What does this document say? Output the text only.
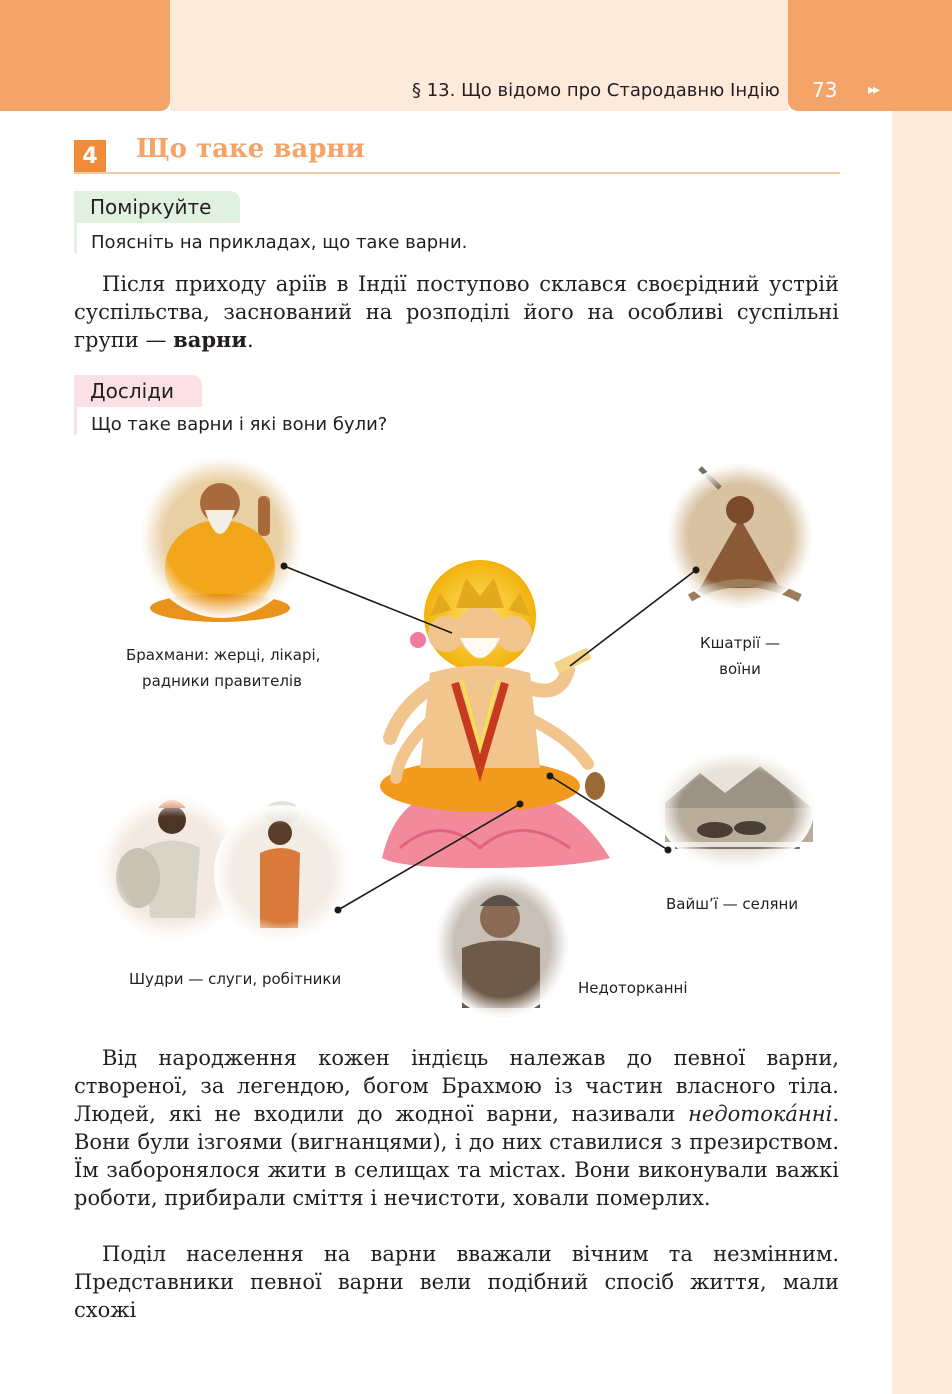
§ 13. Що відомо про Стародавню Індію 73 ▸▸
4	Що таке варни
Поміркуйте
Поясніть на прикладах, що таке варни.

Після приходу аріїв в Індії поступово склався своєрідний устрій суспільства, заснований на розподілі його на особливі суспільні групи — варни.

Досліди
Що таке варни і які вони були?
Брахмани: жерці, лікарі,
радники правителів
Кшатрії —
воїни
Вайш’ї — селяни
Шудри — слуги, робітники	Недоторканні

Від народження кожен індієць належав до певної варни, створеної, за легендою, богом Брахмою із частин власного тіла. Людей, які не входили до жодної варни, називали недотока́нні. Вони були ізгоями (вигнанцями), і до них ставилися з презирством. Їм заборонялося жити в селищах та містах. Вони виконували важкі роботи, прибирали сміття і нечистоти, ховали померлих.

Поділ населення на варни вважали вічним та незмінним. Представники певної варни вели подібний спосіб життя, мали схожі
